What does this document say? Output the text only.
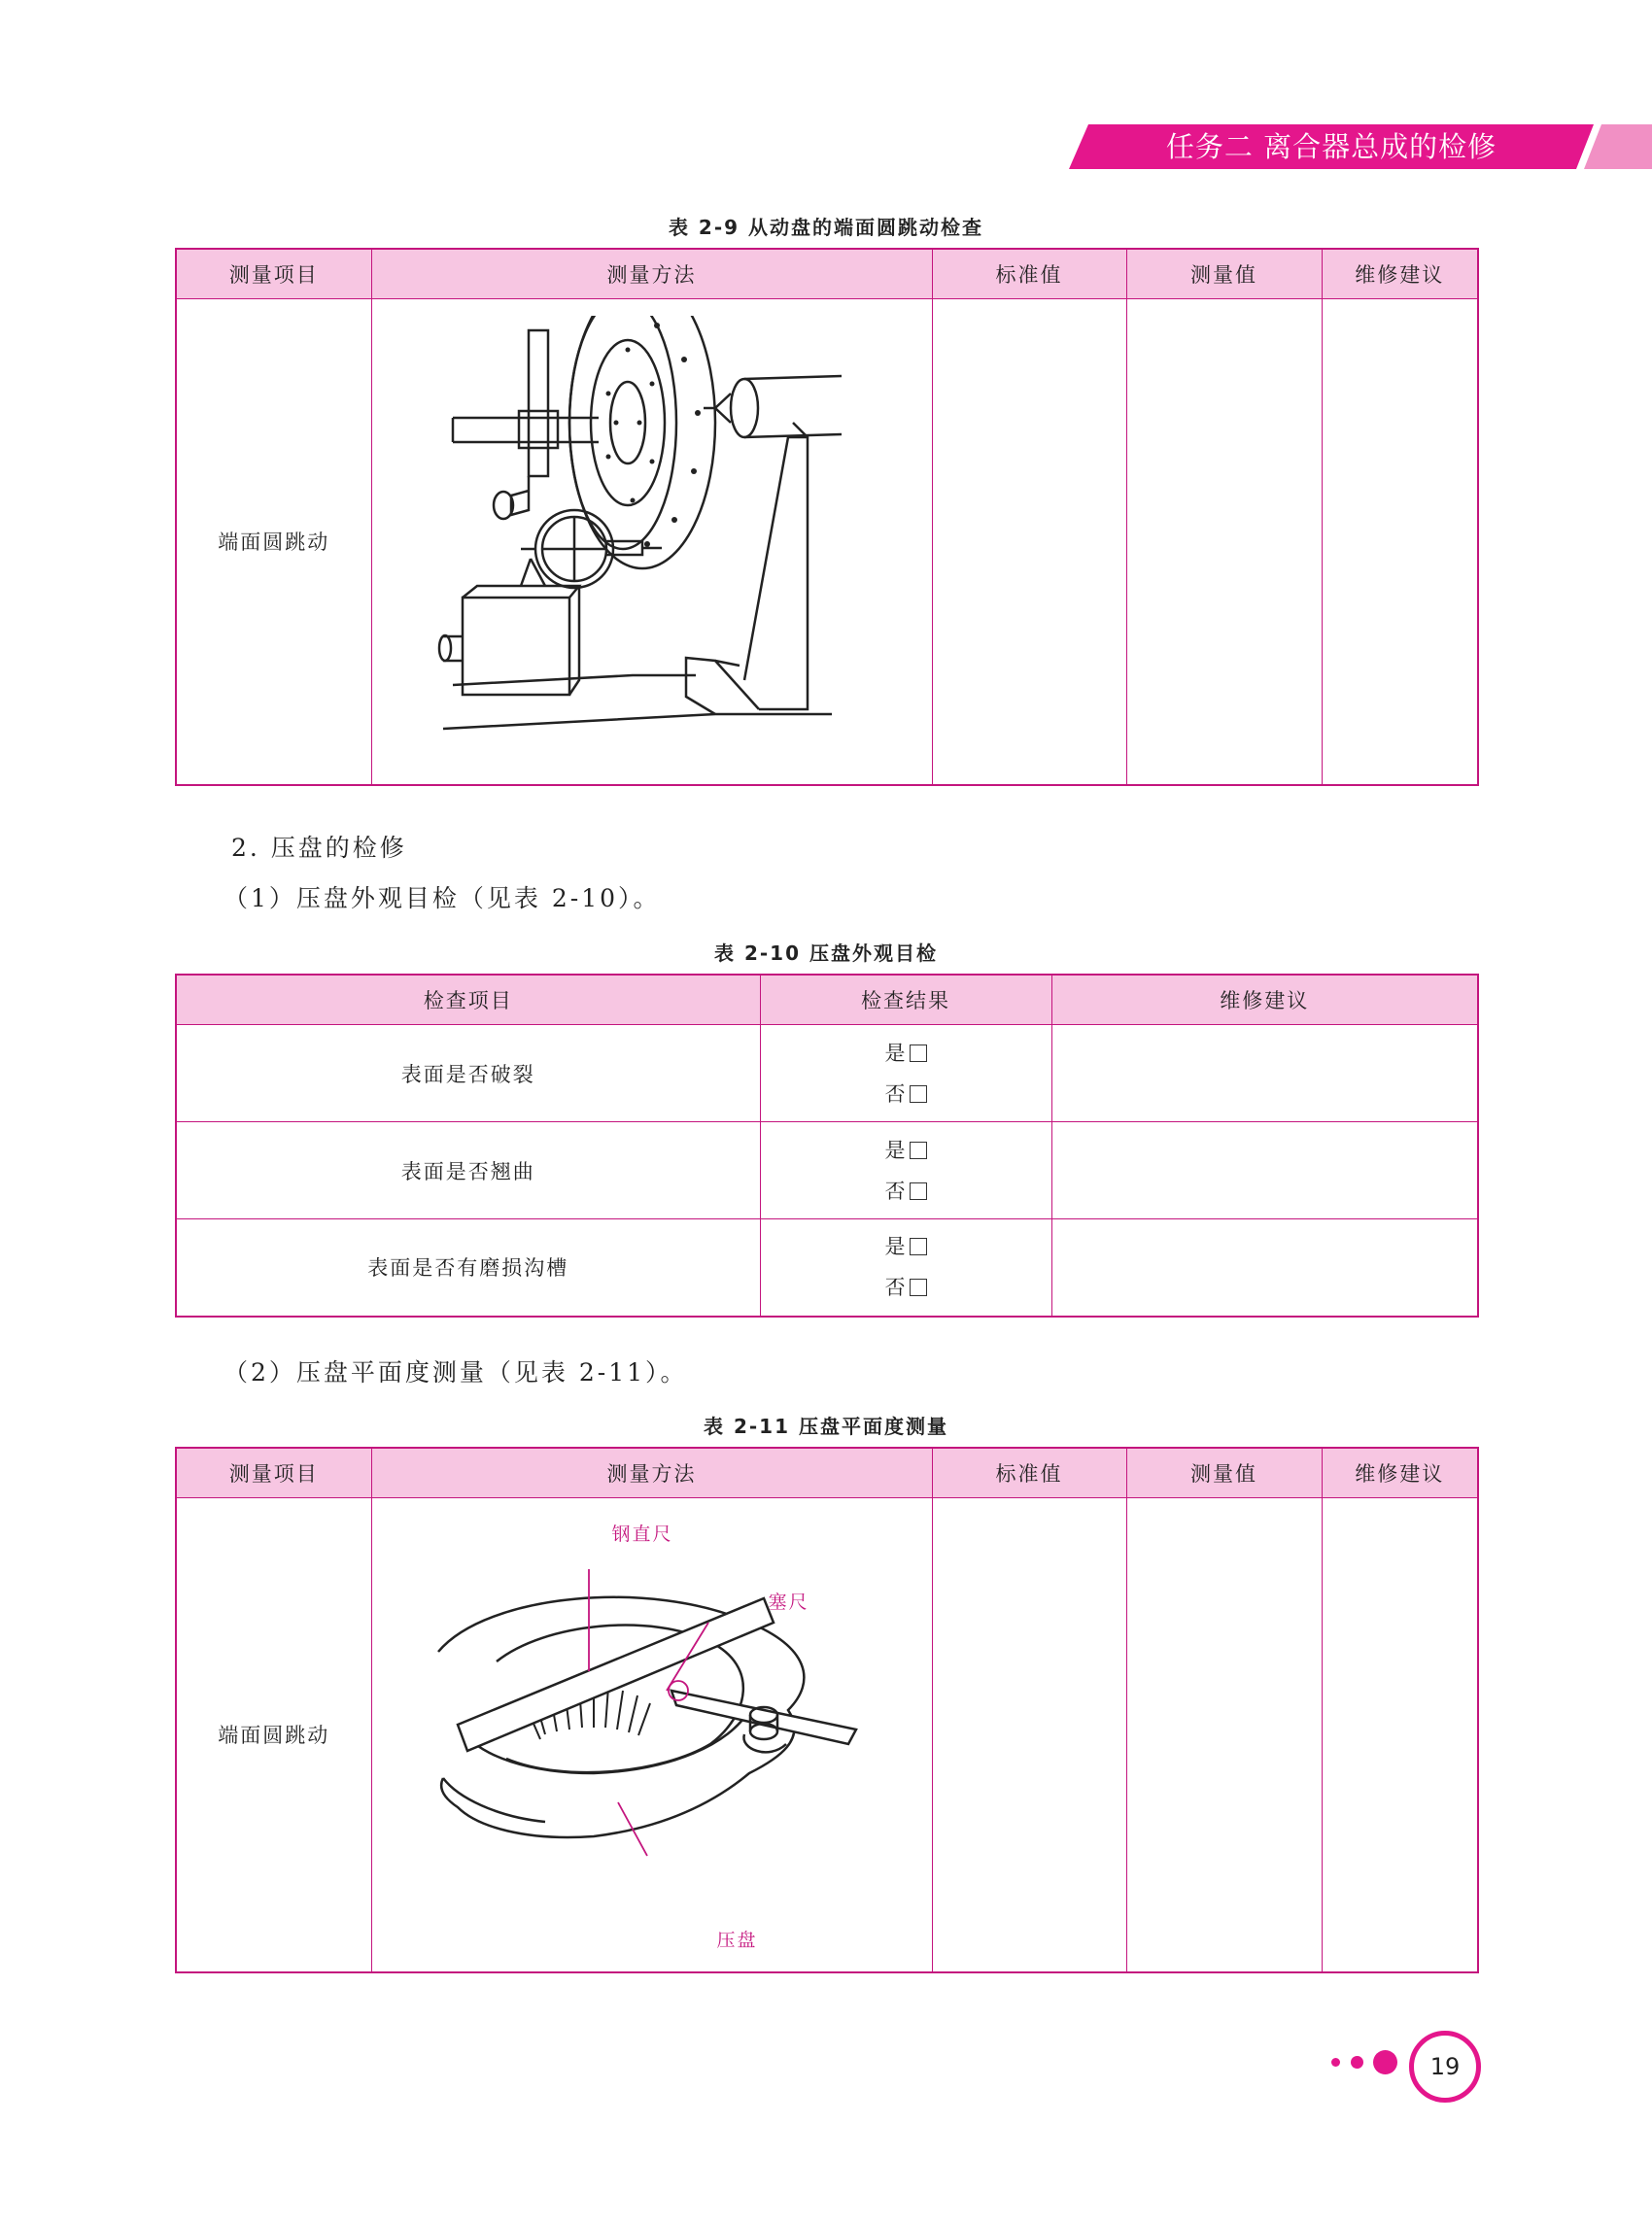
任务二 离合器总成的检修
表 2-9 从动盘的端面圆跳动检查
测量项目	测量方法	标准值	测量值	维修建议
端面圆跳动				
2. 压盘的检修
（1）压盘外观目检（见表 2-10）。
表 2-10 压盘外观目检
检查项目	检查结果	维修建议
表面是否破裂	是
否	

表面是否翘曲	是
否	

表面是否有磨损沟槽	是
否	

（2）压盘平面度测量（见表 2-11）。
表 2-11 压盘平面度测量
测量项目	测量方法	标准值	测量值	维修建议
端面圆跳动	钢直尺
塞尺
压盘			

19
